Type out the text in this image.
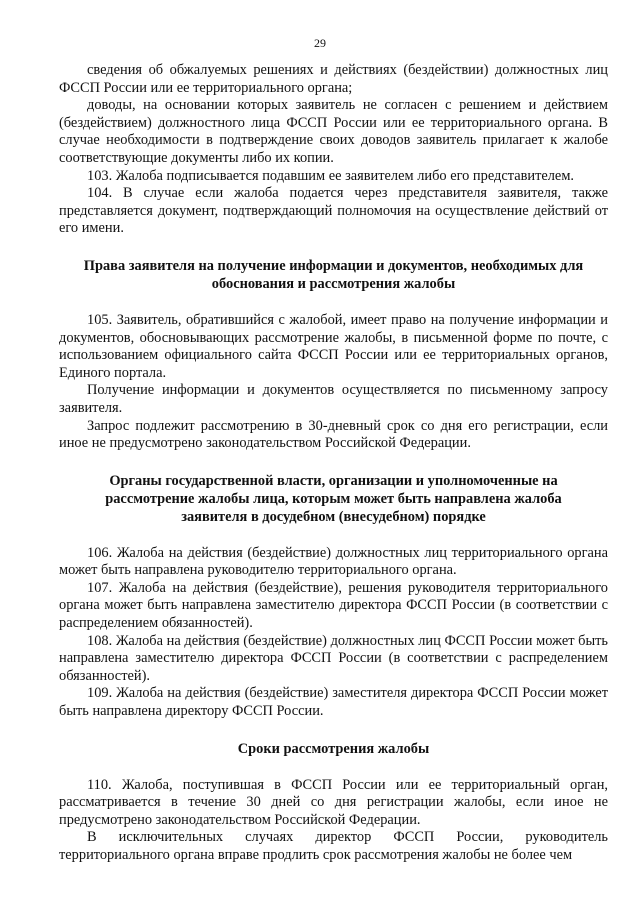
29

сведения об обжалуемых решениях и действиях (бездействии) должностных лиц ФССП России или ее территориального органа;

доводы, на основании которых заявитель не согласен с решением и действием (бездействием) должностного лица ФССП России или ее территориального органа. В случае необходимости в подтверждение своих доводов заявитель прилагает к жалобе соответствующие документы либо их копии.

103. Жалоба подписывается подавшим ее заявителем либо его представителем.

104. В случае если жалоба подается через представителя заявителя, также представляется документ, подтверждающий полномочия на осуществление действий от его имени.

Права заявителя на получение информации и документов, необходимых для обоснования и рассмотрения жалобы

105. Заявитель, обратившийся с жалобой, имеет право на получение информации и документов, обосновывающих рассмотрение жалобы, в письменной форме по почте, с использованием официального сайта ФССП России или ее территориальных органов, Единого портала.

Получение информации и документов осуществляется по письменному запросу заявителя.

Запрос подлежит рассмотрению в 30-дневный срок со дня его регистрации, если иное не предусмотрено законодательством Российской Федерации.

Органы государственной власти, организации и уполномоченные на рассмотрение жалобы лица, которым может быть направлена жалоба заявителя в досудебном (внесудебном) порядке

106. Жалоба на действия (бездействие) должностных лиц территориального органа может быть направлена руководителю территориального органа.

107. Жалоба на действия (бездействие), решения руководителя территориального органа может быть направлена заместителю директора ФССП России (в соответствии с распределением обязанностей).

108. Жалоба на действия (бездействие) должностных лиц ФССП России может быть направлена заместителю директора ФССП России (в соответствии с распределением обязанностей).

109. Жалоба на действия (бездействие) заместителя директора ФССП России может быть направлена директору ФССП России.

Сроки рассмотрения жалобы

110. Жалоба, поступившая в ФССП России или ее территориальный орган, рассматривается в течение 30 дней со дня регистрации жалобы, если иное не предусмотрено законодательством Российской Федерации.

В исключительных случаях директор ФССП России, руководитель территориального органа вправе продлить срок рассмотрения жалобы не более чем
